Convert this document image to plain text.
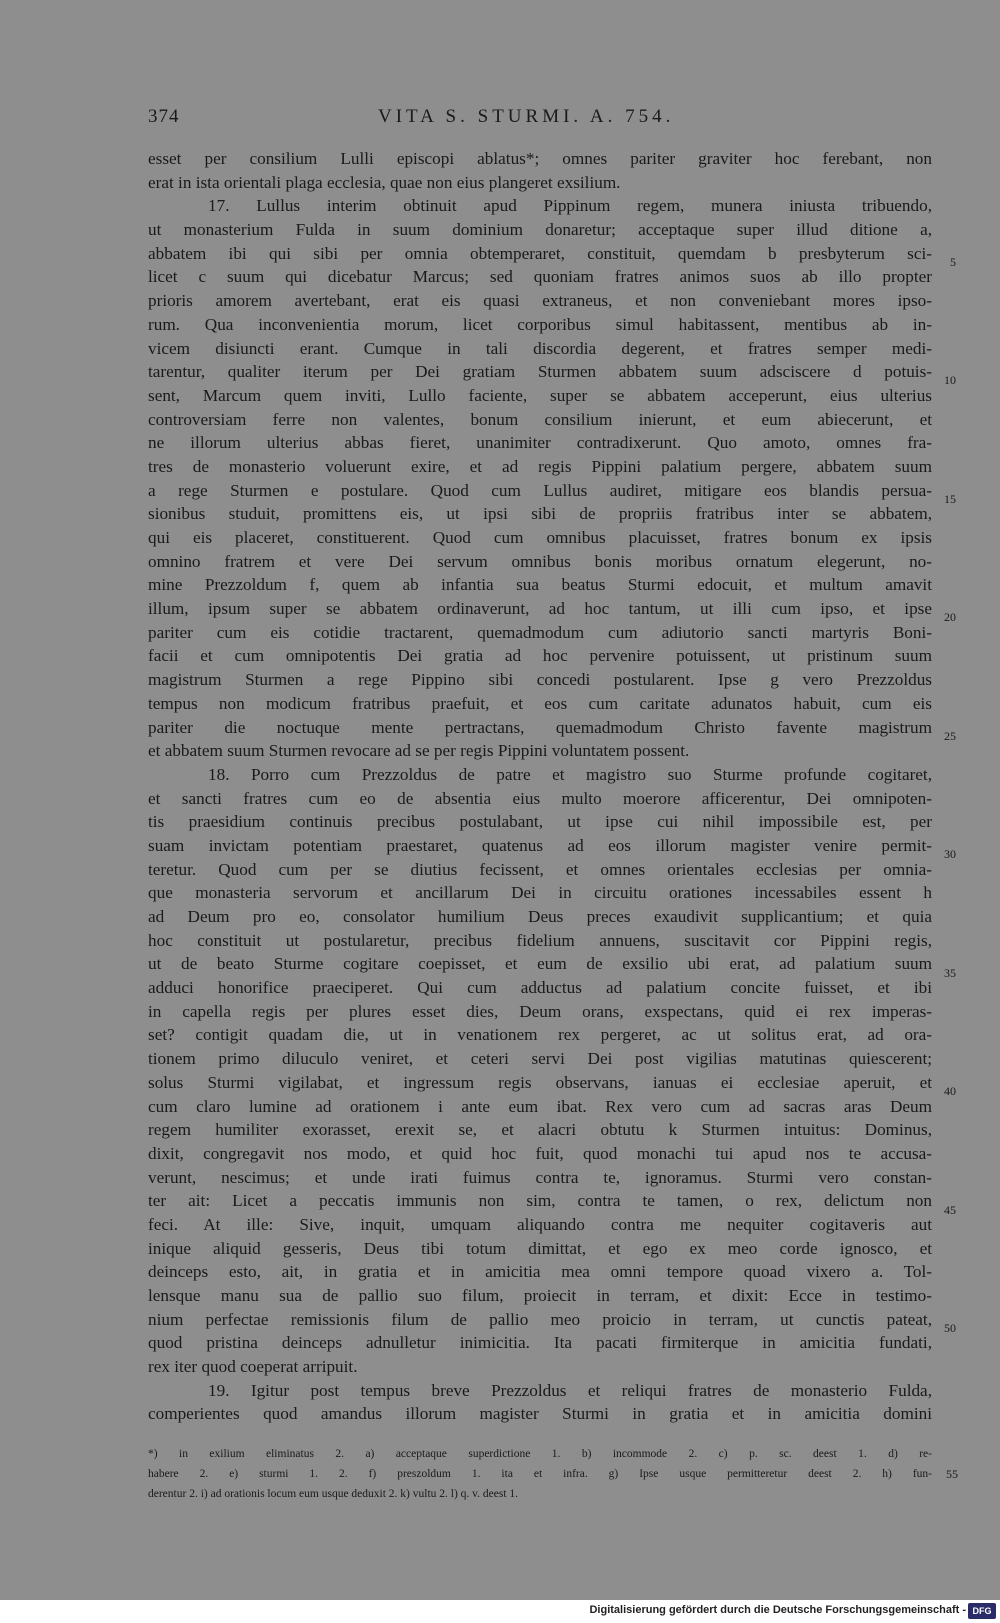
374	VITA S. STURMI. A. 754.
esset per consilium Lulli episcopi ablatus*; omnes pariter graviter hoc ferebant, non
erat in ista orientali plaga ecclesia, quae non eius plangeret exsilium.
17. Lullus interim obtinuit apud Pippinum regem, munera iniusta tribuendo,
ut monasterium Fulda in suum dominium donaretur; acceptaque super illud ditione a,
abbatem ibi qui sibi per omnia obtemperaret, constituit, quemdam b presbyterum sci-
licet c suum qui dicebatur Marcus; sed quoniam fratres animos suos ab illo propter
prioris amorem avertebant, erat eis quasi extraneus, et non conveniebant mores ipso-
rum. Qua inconvenientia morum, licet corporibus simul habitassent, mentibus ab in-
vicem disiuncti erant. Cumque in tali discordia degerent, et fratres semper medi-
tarentur, qualiter iterum per Dei gratiam Sturmen abbatem suum adsciscere d potuis-
sent, Marcum quem inviti, Lullo faciente, super se abbatem acceperunt, eius ulterius
controversiam ferre non valentes, bonum consilium inierunt, et eum abiecerunt, et
ne illorum ulterius abbas fieret, unanimiter contradixerunt. Quo amoto, omnes fra-
tres de monasterio voluerunt exire, et ad regis Pippini palatium pergere, abbatem suum
a rege Sturmen e postulare. Quod cum Lullus audiret, mitigare eos blandis persua-
sionibus studuit, promittens eis, ut ipsi sibi de propriis fratribus inter se abbatem,
qui eis placeret, constituerent. Quod cum omnibus placuisset, fratres bonum ex ipsis
omnino fratrem et vere Dei servum omnibus bonis moribus ornatum elegerunt, no-
mine Prezzoldum f, quem ab infantia sua beatus Sturmi edocuit, et multum amavit
illum, ipsum super se abbatem ordinaverunt, ad hoc tantum, ut illi cum ipso, et ipse
pariter cum eis cotidie tractarent, quemadmodum cum adiutorio sancti martyris Boni-
facii et cum omnipotentis Dei gratia ad hoc pervenire potuissent, ut pristinum suum
magistrum Sturmen a rege Pippino sibi concedi postularent. Ipse g vero Prezzoldus
tempus non modicum fratribus praefuit, et eos cum caritate adunatos habuit, cum eis
pariter die noctuque mente pertractans, quemadmodum Christo favente magistrum
et abbatem suum Sturmen revocare ad se per regis Pippini voluntatem possent.
18. Porro cum Prezzoldus de patre et magistro suo Sturme profunde cogitaret,
et sancti fratres cum eo de absentia eius multo moerore afficerentur, Dei omnipoten-
tis praesidium continuis precibus postulabant, ut ipse cui nihil impossibile est, per
suam invictam potentiam praestaret, quatenus ad eos illorum magister venire permit-
teretur. Quod cum per se diutius fecissent, et omnes orientales ecclesias per omnia-
que monasteria servorum et ancillarum Dei in circuitu orationes incessabiles essent h
ad Deum pro eo, consolator humilium Deus preces exaudivit supplicantium; et quia
hoc constituit ut postularetur, precibus fidelium annuens, suscitavit cor Pippini regis,
ut de beato Sturme cogitare coepisset, et eum de exsilio ubi erat, ad palatium suum
adduci honorifice praeciperet. Qui cum adductus ad palatium concite fuisset, et ibi
in capella regis per plures esset dies, Deum orans, exspectans, quid ei rex imperas-
set? contigit quadam die, ut in venationem rex pergeret, ac ut solitus erat, ad ora-
tionem primo diluculo veniret, et ceteri servi Dei post vigilias matutinas quiescerent;
solus Sturmi vigilabat, et ingressum regis observans, ianuas ei ecclesiae aperuit, et
cum claro lumine ad orationem i ante eum ibat. Rex vero cum ad sacras aras Deum
regem humiliter exorasset, erexit se, et alacri obtutu k Sturmen intuitus: Dominus,
dixit, congregavit nos modo, et quid hoc fuit, quod monachi tui apud nos te accusa-
verunt, nescimus; et unde irati fuimus contra te, ignoramus. Sturmi vero constan-
ter ait: Licet a peccatis immunis non sim, contra te tamen, o rex, delictum non
feci. At ille: Sive, inquit, umquam aliquando contra me nequiter cogitaveris aut
inique aliquid gesseris, Deus tibi totum dimittat, et ego ex meo corde ignosco, et
deinceps esto, ait, in gratia et in amicitia mea omni tempore quoad vixero a. Tol-
lensque manu sua de pallio suo filum, proiecit in terram, et dixit: Ecce in testimo-
nium perfectae remissionis filum de pallio meo proicio in terram, ut cunctis pateat,
quod pristina deinceps adnulletur inimicitia. Ita pacati firmiterque in amicitia fundati,
rex iter quod coeperat arripuit.
19. Igitur post tempus breve Prezzoldus et reliqui fratres de monasterio Fulda,
comperientes quod amandus illorum magister Sturmi in gratia et in amicitia domini
5
10
15
20
25
30
35
40
45
50
*) in exilium eliminatus 2. a) acceptaque superdictione 1. b) incommode 2. c) p. sc. deest 1. d) re-
habere 2. e) sturmi 1. 2. f) preszoldum 1. ita et infra. g) Ipse usque permitteretur deest 2. h) fun-
derentur 2. i) ad orationis locum eum usque deduxit 2. k) vultu 2. l) q. v. deest 1.
55
Digitalisierung gefördert durch die Deutsche Forschungsgemeinschaft - DFG
